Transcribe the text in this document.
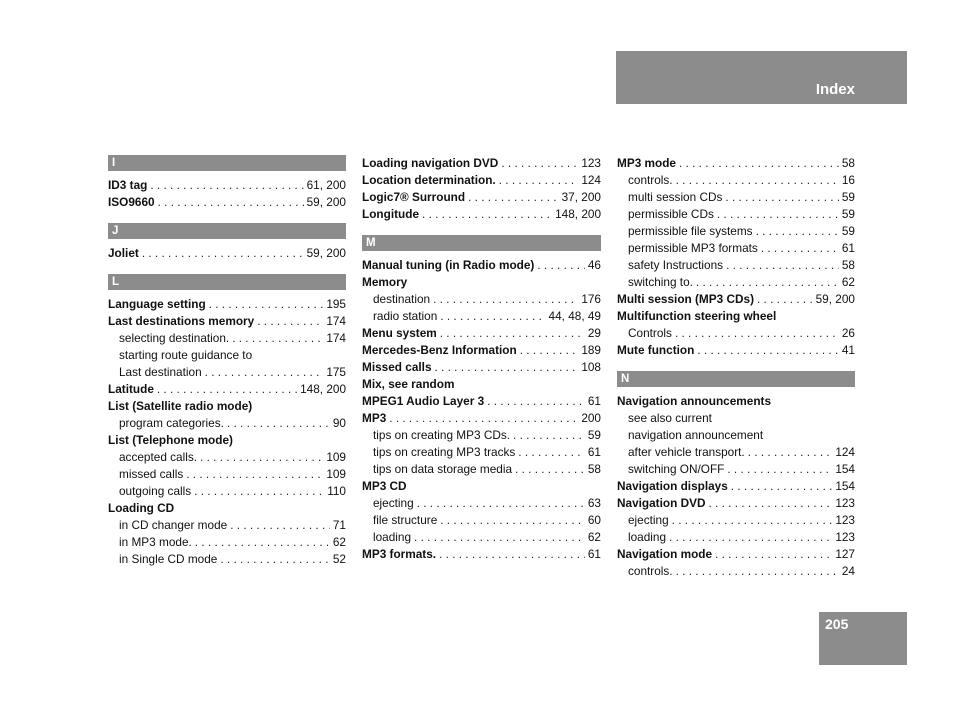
Index
I
ID3 tag . . .	61, 200
ISO9660 . . .	59, 200
J
Joliet . . .	59, 200
L
Language setting . . .	195
Last destinations memory . . .	174
selecting destination. . . .	174
starting route guidance to
Last destination . . .	175
Latitude . . .	148, 200
List (Satellite radio mode)
program categories. . . .	90
List (Telephone mode)
accepted calls. . . .	109
missed calls . . .	109
outgoing calls . . .	110
Loading CD
in CD changer mode . . .	71
in MP3 mode. . . .	62
in Single CD mode . . .	52
Loading navigation DVD . . .	123
Location determination. . . .	124
Logic7® Surround . . .	37, 200
Longitude . . .	148, 200
M
Manual tuning (in Radio mode) . . .	46
Memory
destination . . .	176
radio station . . .	44, 48, 49
Menu system . . .	29
Mercedes-Benz Information . . .	189
Missed calls . . .	108
Mix, see random
MPEG1 Audio Layer 3 . . .	61
MP3 . . .	200
tips on creating MP3 CDs. . . .	59
tips on creating MP3 tracks . . .	61
tips on data storage media . . .	58
MP3 CD
ejecting . . .	63
file structure . . .	60
loading . . .	62
MP3 formats. . . .	61
MP3 mode . . .	58
controls. . . .	16
multi session CDs . . .	59
permissible CDs . . .	59
permissible file systems . . .	59
permissible MP3 formats . . .	61
safety Instructions . . .	58
switching to. . . .	62
Multi session (MP3 CDs) . . .	59, 200
Multifunction steering wheel
Controls . . .	26
Mute function . . .	41
N
Navigation announcements
see also current
navigation announcement
after vehicle transport. . . .	124
switching ON/OFF . . .	154
Navigation displays . . .	154
Navigation DVD . . .	123
ejecting . . .	123
loading . . .	123
Navigation mode . . .	127
controls. . . .	24
205
